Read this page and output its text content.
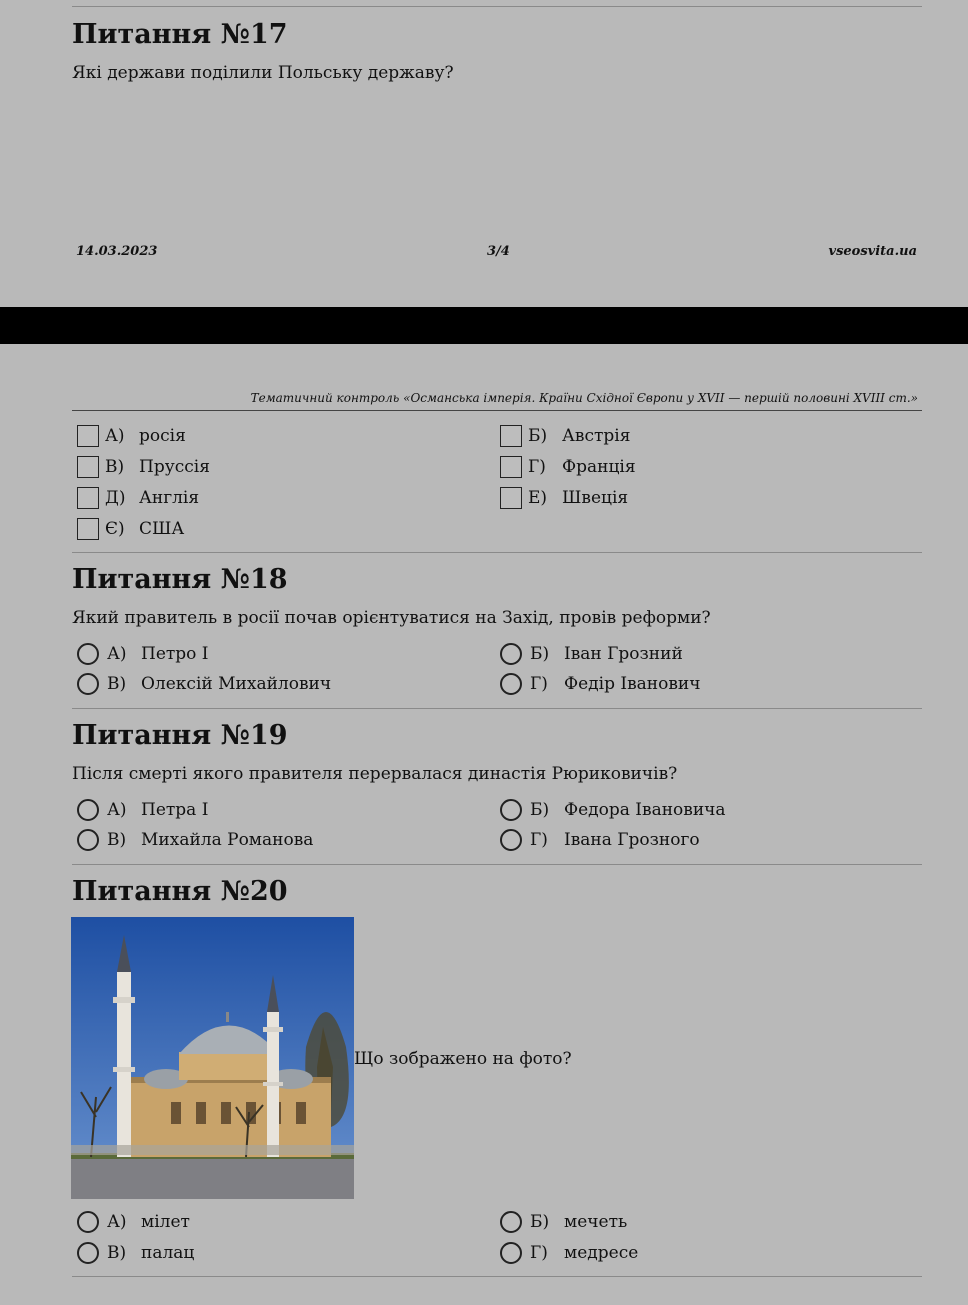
Питання №17
Які держави поділили Польську державу?
14.03.2023	3/4	vseosvita.ua
Тематичний контроль «Османська імперія. Країни Східної Європи у XVII — першій половині XVIII ст.»
А) росія	Б) Австрія
В) Пруссія	Г) Франція
Д) Англія	Е) Швеція
Є) США
Питання №18
Який правитель в росії почав орієнтуватися на Захід, провів реформи?
А) Петро І	Б) Іван Грозний
В) Олексій Михайлович	Г) Федір Іванович
Питання №19
Після смерті якого правителя перервалася династія Рюриковичів?
А) Петра І	Б) Федора Івановича
В) Михайла Романова	Г) Івана Грозного
Питання №20
Що зображено на фото?
А) мілет	Б) мечеть
В) палац	Г) медресе
